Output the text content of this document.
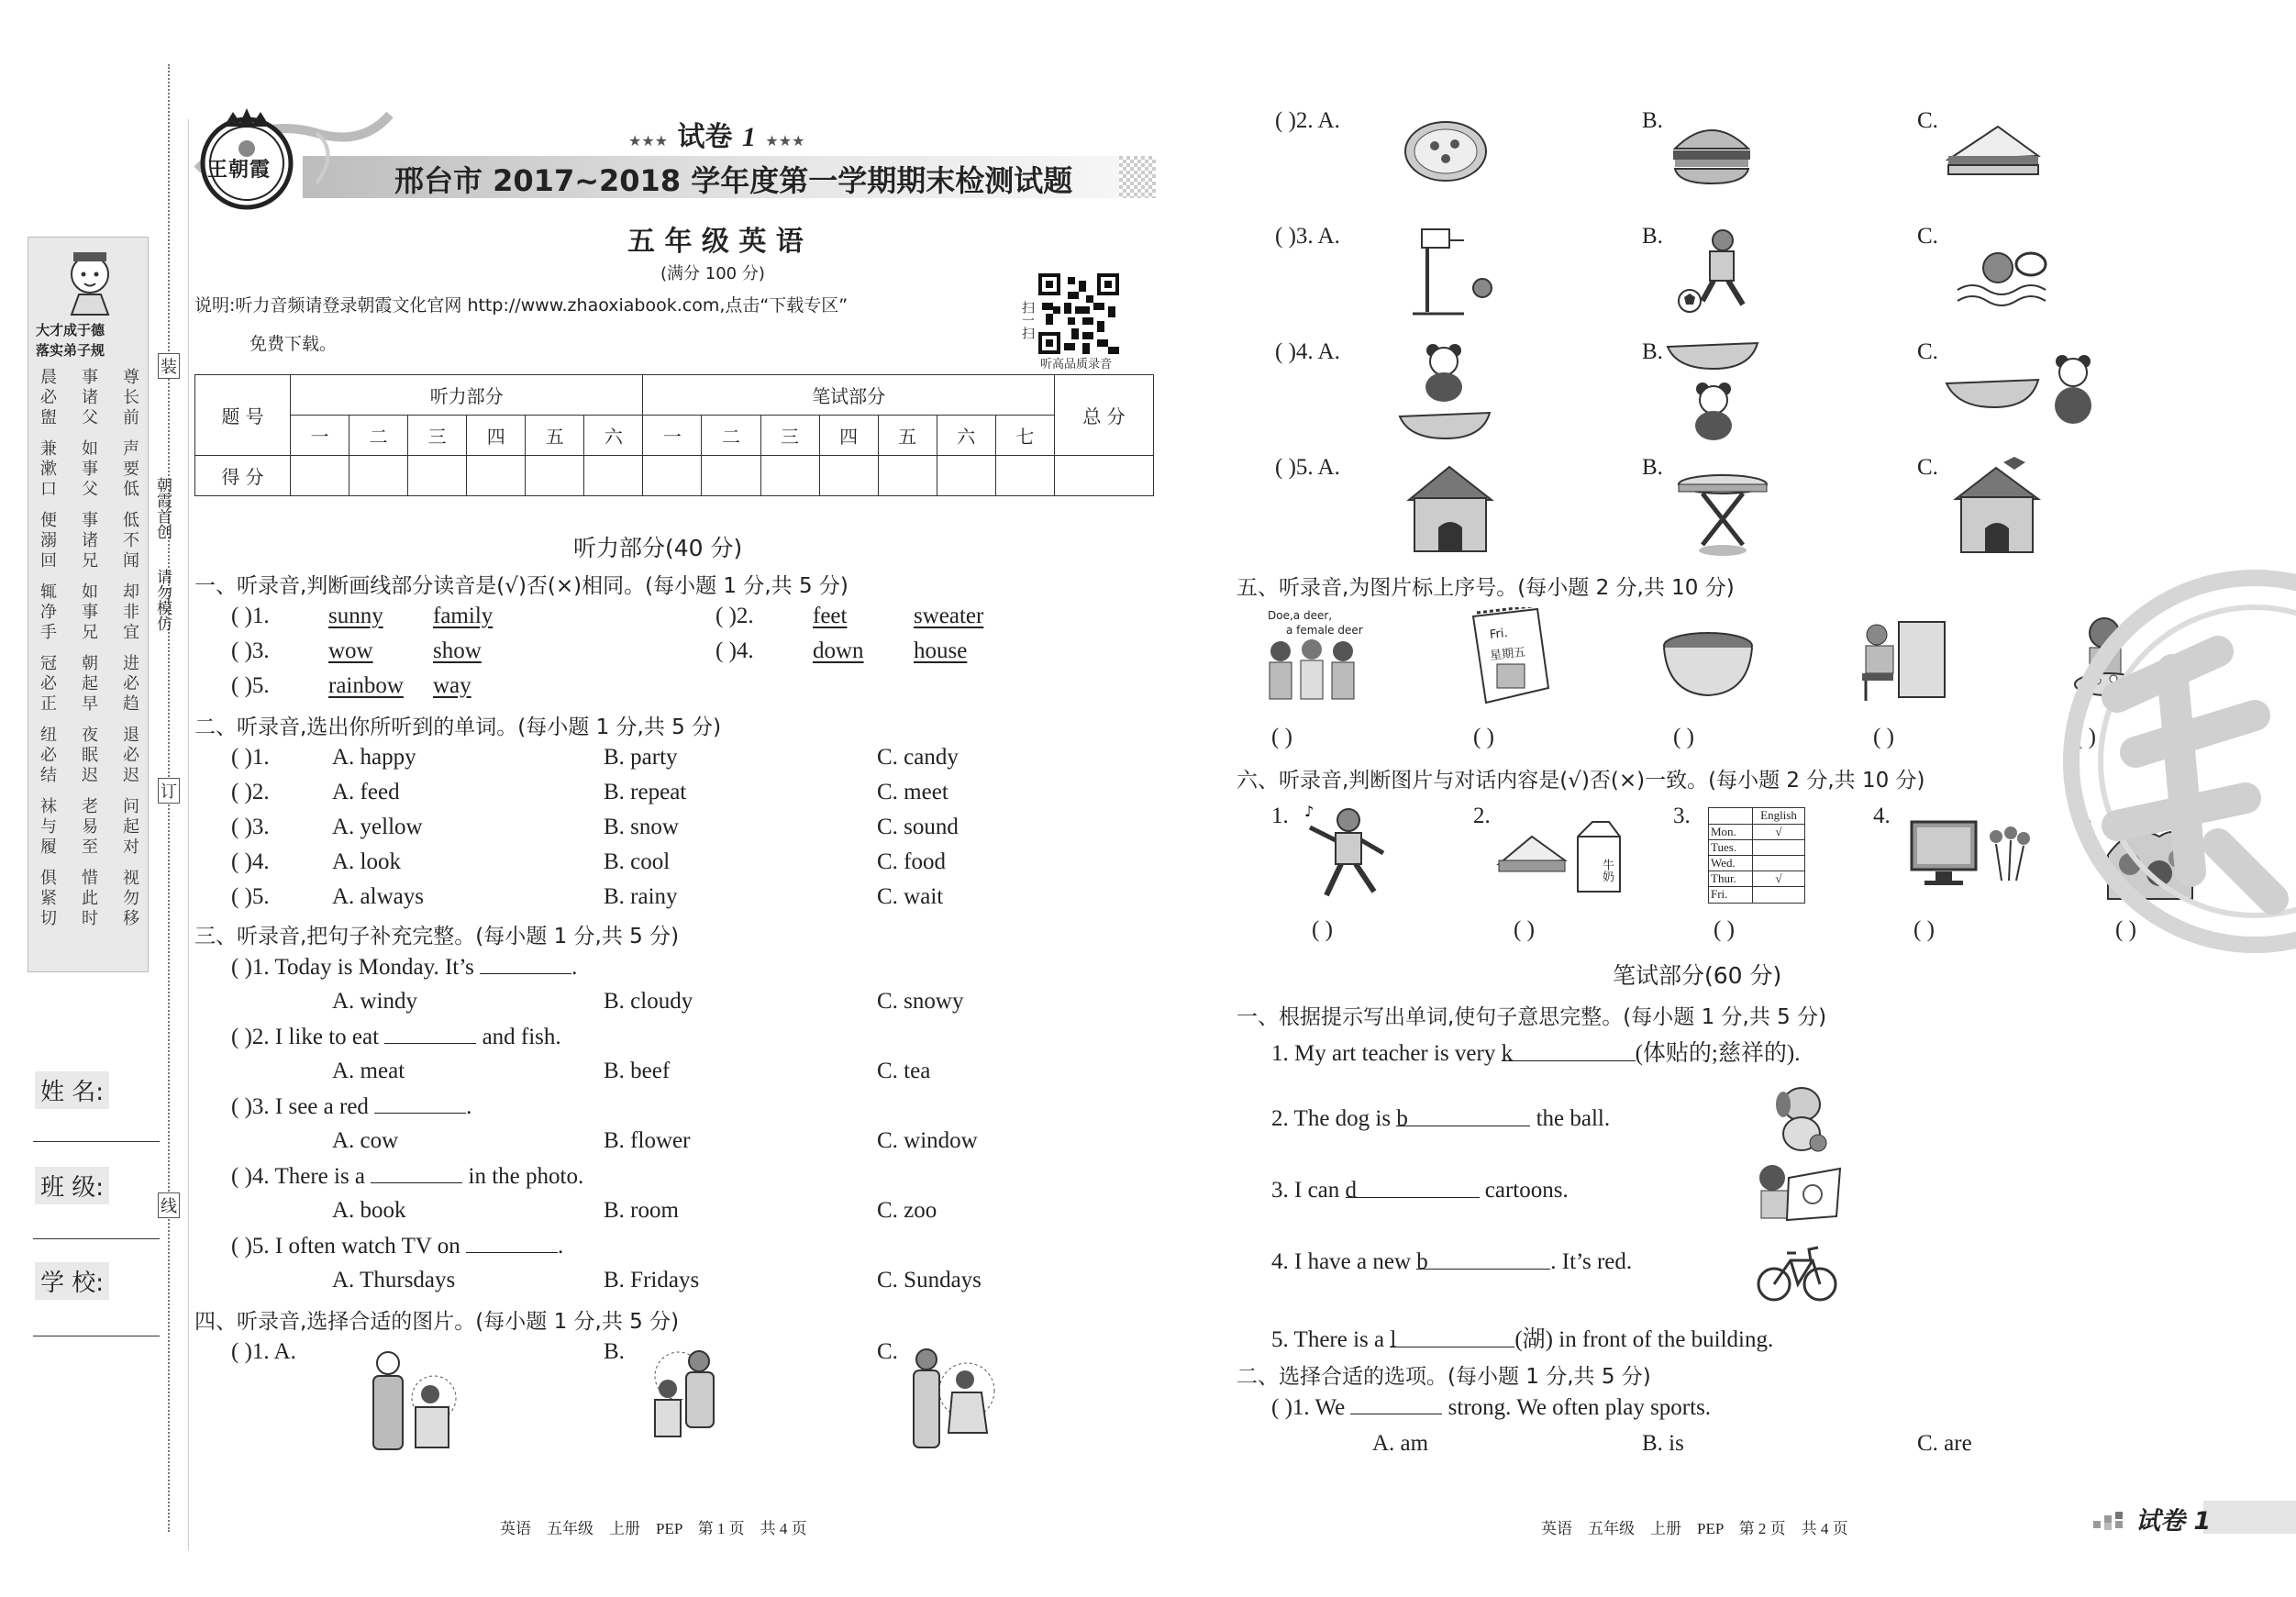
装
订
线
朝霞首创
请勿模仿
大才成于德
落实弟子规
晨必盥
事诸父
尊长前
兼漱口
如事父
声要低
便溺回
事诸兄
低不闻
辄净手
如事兄
却非宜
冠必正
朝起早
进必趋
纽必结
夜眠迟
退必迟
袜与履
老易至
问起对
俱紧切
惜此时
视勿移
姓 名:
班 级:
学 校:
王朝霞
★★★ 试卷 1 ★★★
邢台市 2017~2018 学年度第一学期期末检测试题
五 年 级 英 语
(满分 100 分)
说明:听力音频请登录朝霞文化官网 http://www.zhaoxiabook.com,点击“下载专区”
免费下载。
扫一扫
听高品质录音
题 号	听力部分						笔试部分							总 分
	一	二	三	四	五	六	一	二	三	四	五	六	七	
得 分														
听力部分(40 分)
一、听录音,判断画线部分读音是(√)否(×)相同。(每小题 1 分,共 5 分)
( )1.	sunny family	( )2.	feet	sweater
( )3.	wow	show	( )4.	down house
( )5.	rainbow way
二、听录音,选出你所听到的单词。(每小题 1 分,共 5 分)
( )1.	A. happy	B. party	C. candy
( )2.	A. feed	B. repeat	C. meet
( )3.	A. yellow	B. snow	C. sound
( )4.	A. look	B. cool	C. food
( )5.	A. always	B. rainy	C. wait
三、听录音,把句子补充完整。(每小题 1 分,共 5 分)
( )1. Today is Monday. It’s	.
A. windy	B. cloudy	C. snowy
( )2. I like to eat	and fish.
A. meat	B. beef	C. tea
( )3. I see a red	.
A. cow	B. flower	C. window
( )4. There is a	in the photo.
A. book	B. room	C. zoo
( )5. I often watch TV on	.
A. Thursdays	B. Fridays	C. Sundays
四、听录音,选择合适的图片。(每小题 1 分,共 5 分)
( )1. A.	B.	C.
( )2. A.	B.	C.
( )3. A.	B.	C.
( )4. A.	B.	C.
( )5. A.	B.	C.
五、听录音,为图片标上序号。(每小题 2 分,共 10 分)
Doe,a deer,
a female deer	Fri.
星期五
( )	( )	( )	( )	( )
六、听录音,判断图片与对话内容是(√)否(×)一致。(每小题 2 分,共 10 分)
1.	2.	3.	4.	5.
♪
牛奶
English
Mon.	√
Tues.
Wed.
Thur.	√
Fri.
( )	( )	( )	( )	( )
笔试部分(60 分)
一、根据提示写出单词,使句子意思完整。(每小题 1 分,共 5 分)
1. My art teacher is very k	(体贴的;慈祥的).
2. The dog is b	the ball.
3. I can d	cartoons.
4. I have a new b	. It’s red.
5. There is a l	(湖) in front of the building.
二、选择合适的选项。(每小题 1 分,共 5 分)
( )1. We	strong. We often play sports.
A. am	B. is	C. are
英语    五年级    上册    PEP    第 1 页    共 4 页	英语    五年级    上册    PEP    第 2 页    共 4 页	试卷 1
